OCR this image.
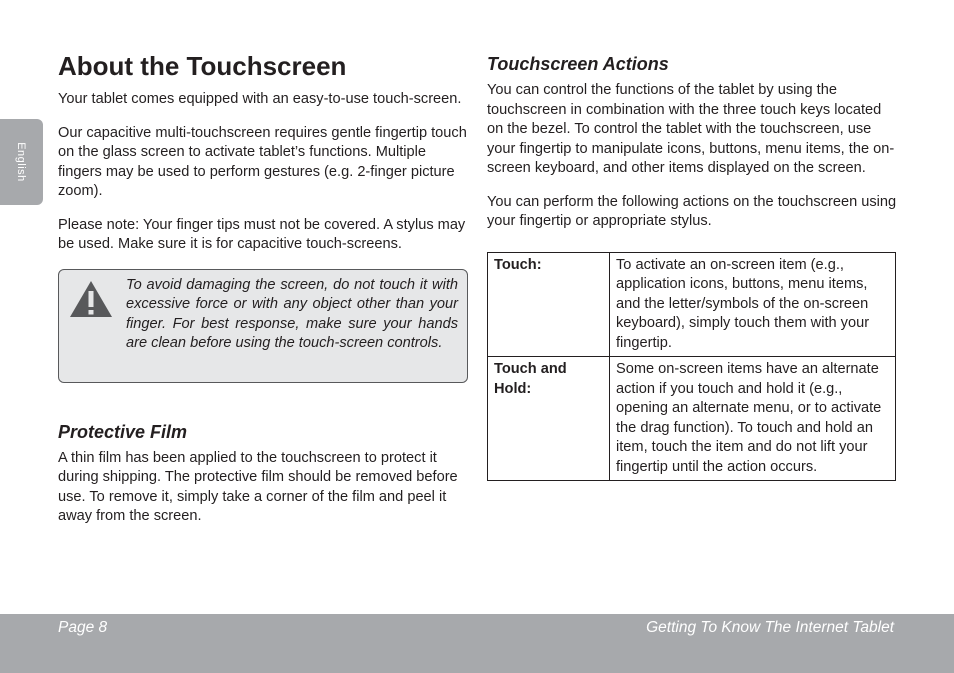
English
About the Touchscreen

Your tablet comes equipped with an easy-to-use touch-screen.

Our capacitive multi-touchscreen requires gentle fingertip touch on the glass screen to activate tablet’s functions. Multiple fingers may be used to perform gestures (e.g. 2-finger picture zoom).

Please note: Your finger tips must not be covered. A stylus may be used. Make sure it is for capacitive touch-screens.

To avoid damaging the screen, do not touch it with excessive force or with any object other than your finger. For best response, make sure your hands are clean before using the touch-screen controls.
Protective Film

A thin film has been applied to the touchscreen to protect it during shipping. The protective film should be removed before use. To remove it, simply take a corner of the film and peel it away from the screen.

Touchscreen Actions

You can control the functions of the tablet by using the touchscreen in combination with the three touch keys located on the bezel. To control the tablet with the touchscreen, use your fingertip to manipulate icons, buttons, menu items, the on-screen keyboard, and other items displayed on the screen.

You can perform the following actions on the touchscreen using your fingertip or appropriate stylus.

Touch:	To activate an on-screen item (e.g., application icons, buttons, menu items, and the letter/symbols of the on-screen keyboard), simply touch them with your fingertip.
Touch and Hold:	Some on-screen items have an alternate action if you touch and hold it (e.g., opening an alternate menu, or to activate the drag function). To touch and hold an item, touch the item and do not lift your fingertip until the action occurs.
Page 8	Getting To Know The Internet Tablet
